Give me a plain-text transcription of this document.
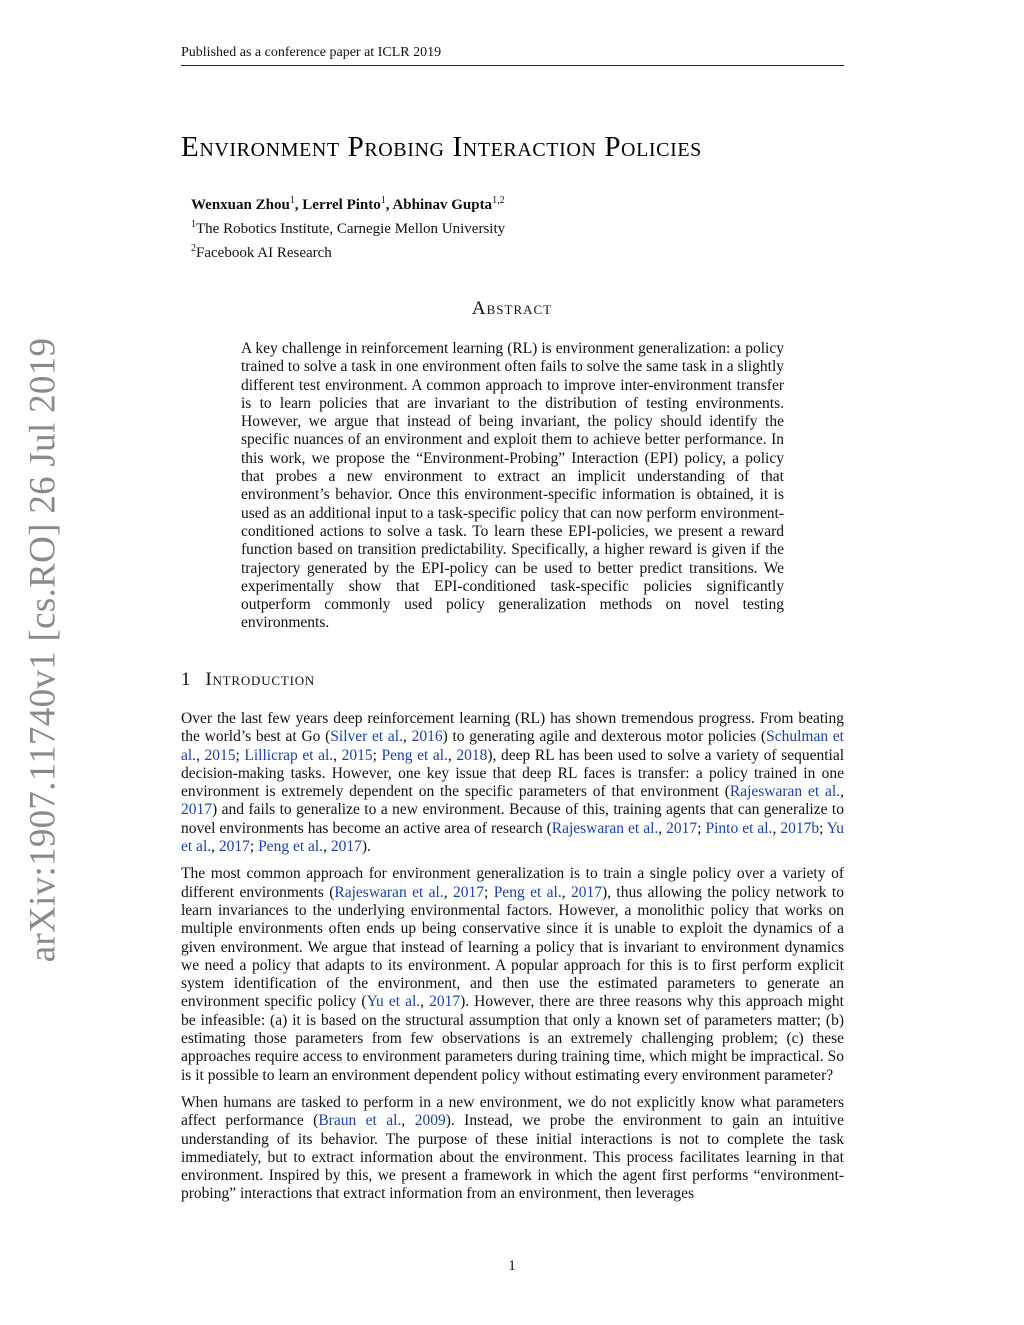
Published as a conference paper at ICLR 2019
arXiv:1907.11740v1 [cs.RO] 26 Jul 2019
Environment Probing Interaction Policies
Wenxuan Zhou$^1$, Lerrel Pinto$^1$, Abhinav Gupta$^{1,2}$
$^1$The Robotics Institute, Carnegie Mellon University
$^2$Facebook AI Research
Abstract
A key challenge in reinforcement learning (RL) is environment generalization: a policy trained to solve a task in one environment often fails to solve the same task in a slightly different test environment. A common approach to improve inter-environment transfer is to learn policies that are invariant to the distribution of testing environments. However, we argue that instead of being invariant, the policy should identify the specific nuances of an environment and exploit them to achieve better performance. In this work, we propose the “Environment-Probing” Interaction (EPI) policy, a policy that probes a new environment to extract an implicit understanding of that environment’s behavior. Once this environment-specific information is obtained, it is used as an additional input to a task-specific policy that can now perform environment-conditioned actions to solve a task. To learn these EPI-policies, we present a reward function based on transition predictability. Specifically, a higher reward is given if the trajectory generated by the EPI-policy can be used to better predict transitions. We experimentally show that EPI-conditioned task-specific policies significantly outperform commonly used policy generalization methods on novel testing environments.
1 Introduction

Over the last few years deep reinforcement learning (RL) has shown tremendous progress. From beating the world’s best at Go (Silver et al., 2016) to generating agile and dexterous motor policies (Schulman et al., 2015; Lillicrap et al., 2015; Peng et al., 2018), deep RL has been used to solve a variety of sequential decision-making tasks. However, one key issue that deep RL faces is transfer: a policy trained in one environment is extremely dependent on the specific parameters of that environment (Rajeswaran et al., 2017) and fails to generalize to a new environment. Because of this, training agents that can generalize to novel environments has become an active area of research (Rajeswaran et al., 2017; Pinto et al., 2017b; Yu et al., 2017; Peng et al., 2017).

The most common approach for environment generalization is to train a single policy over a variety of different environments (Rajeswaran et al., 2017; Peng et al., 2017), thus allowing the policy network to learn invariances to the underlying environmental factors. However, a monolithic policy that works on multiple environments often ends up being conservative since it is unable to exploit the dynamics of a given environment. We argue that instead of learning a policy that is invariant to environment dynamics we need a policy that adapts to its environment. A popular approach for this is to first perform explicit system identification of the environment, and then use the estimated parameters to generate an environment specific policy (Yu et al., 2017). However, there are three reasons why this approach might be infeasible: (a) it is based on the structural assumption that only a known set of parameters matter; (b) estimating those parameters from few observations is an extremely challenging problem; (c) these approaches require access to environment parameters during training time, which might be impractical. So is it possible to learn an environment dependent policy without estimating every environment parameter?

When humans are tasked to perform in a new environment, we do not explicitly know what parameters affect performance (Braun et al., 2009). Instead, we probe the environment to gain an intuitive understanding of its behavior. The purpose of these initial interactions is not to complete the task immediately, but to extract information about the environment. This process facilitates learning in that environment. Inspired by this, we present a framework in which the agent first performs “environment-probing” interactions that extract information from an environment, then leverages

1
